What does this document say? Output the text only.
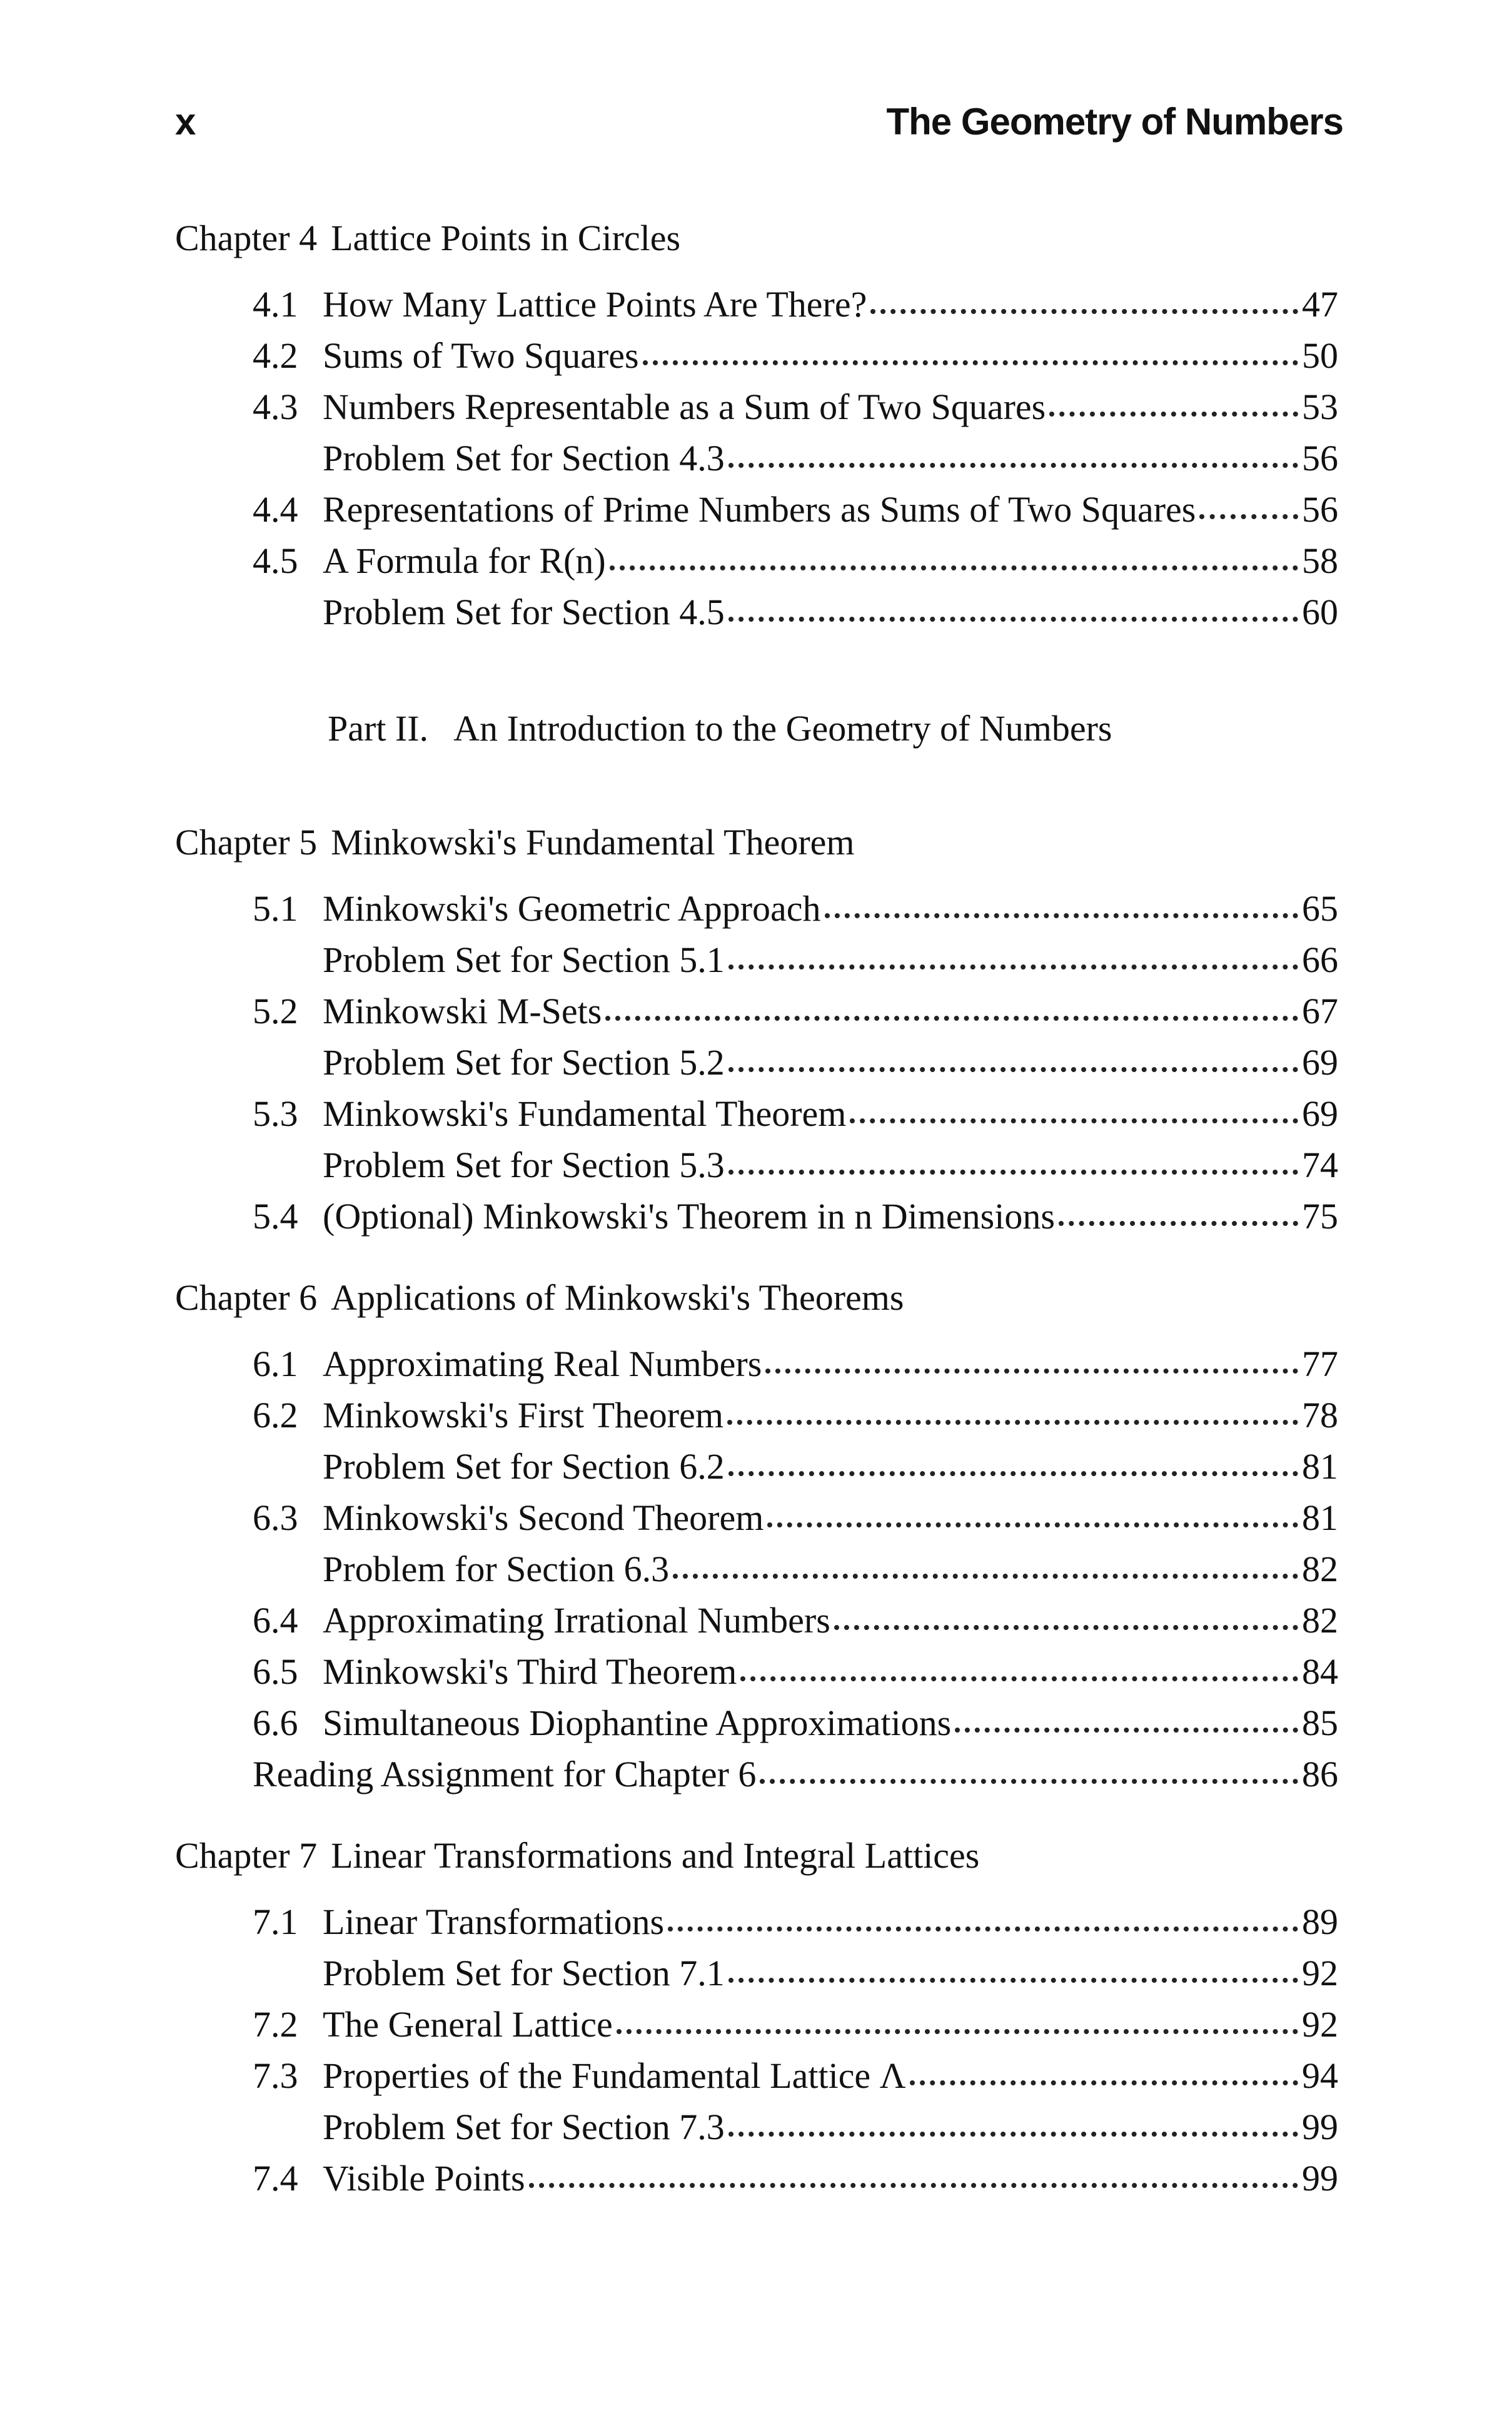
x	The Geometry of Numbers
Chapter 4 Lattice Points in Circles
4.1 How Many Lattice Points Are There?	47
4.2 Sums of Two Squares	50
4.3 Numbers Representable as a Sum of Two Squares	53
Problem Set for Section 4.3	56
4.4 Representations of Prime Numbers as Sums of Two Squares	56
4.5 A Formula for R(n)	58
Problem Set for Section 4.5	60
Part II. An Introduction to the Geometry of Numbers
Chapter 5 Minkowski's Fundamental Theorem
5.1 Minkowski's Geometric Approach	65
Problem Set for Section 5.1	66
5.2 Minkowski M-Sets	67
Problem Set for Section 5.2	69
5.3 Minkowski's Fundamental Theorem	69
Problem Set for Section 5.3	74
5.4 (Optional) Minkowski's Theorem in n Dimensions	75
Chapter 6 Applications of Minkowski's Theorems
6.1 Approximating Real Numbers	77
6.2 Minkowski's First Theorem	78
Problem Set for Section 6.2	81
6.3 Minkowski's Second Theorem	81
Problem for Section 6.3	82
6.4 Approximating Irrational Numbers	82
6.5 Minkowski's Third Theorem	84
6.6 Simultaneous Diophantine Approximations	85
Reading Assignment for Chapter 6	86
Chapter 7 Linear Transformations and Integral Lattices
7.1 Linear Transformations	89
Problem Set for Section 7.1	92
7.2 The General Lattice	92
7.3 Properties of the Fundamental Lattice Λ	94
Problem Set for Section 7.3	99
7.4 Visible Points	99
